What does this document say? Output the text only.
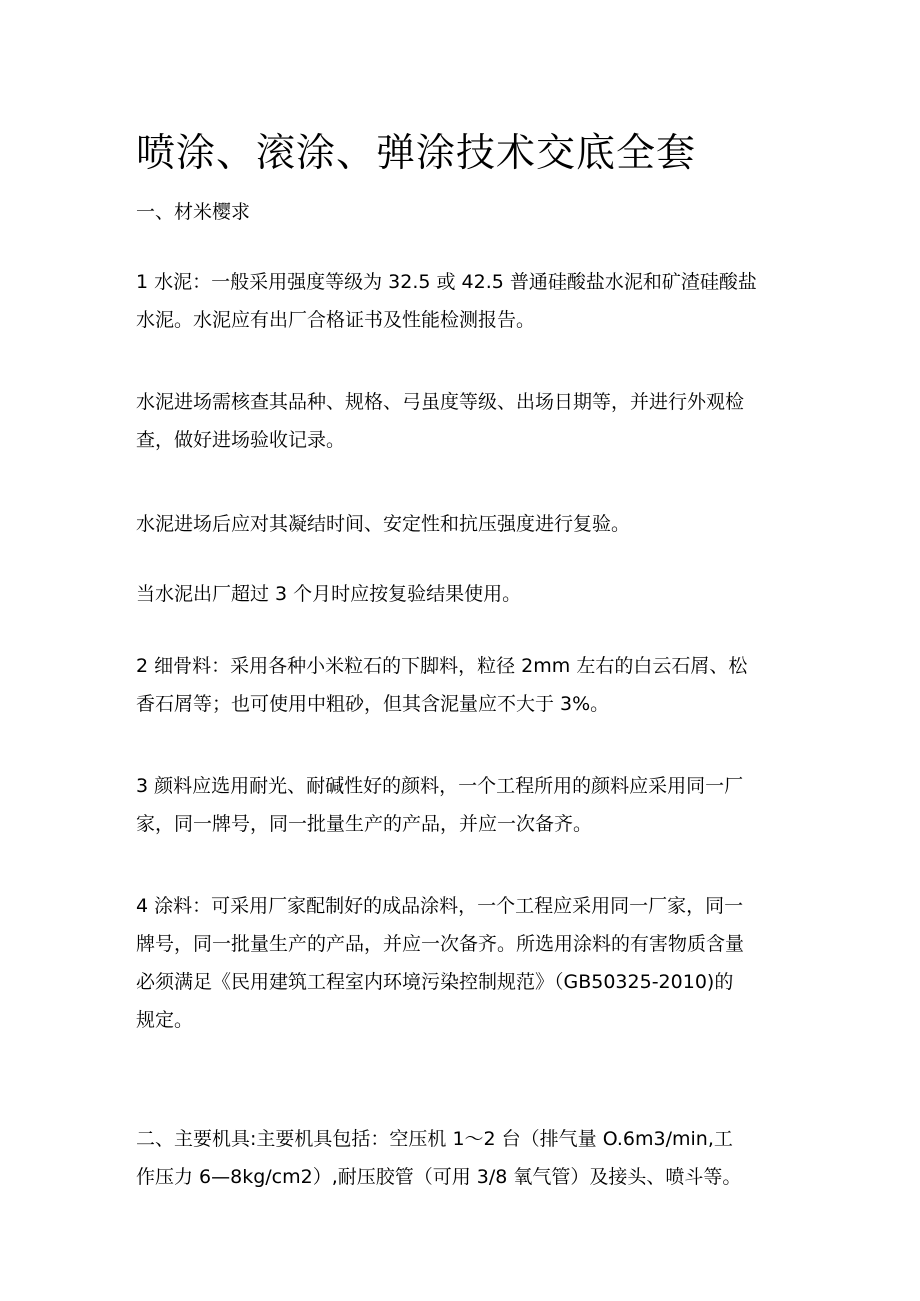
喷涂、滚涂、弹涂技术交底全套

一、材米樱求

1 水泥：一般采用强度等级为 32.5 或 42.5 普通硅酸盐水泥和矿渣硅酸盐
水泥。水泥应有出厂合格证书及性能检测报告。

水泥进场需核查其品种、规格、弓虽度等级、出场日期等，并进行外观检
查，做好进场验收记录。

水泥进场后应对其凝结时间、安定性和抗压强度进行复验。

当水泥出厂超过 3 个月时应按复验结果使用。

2 细骨料：采用各种小米粒石的下脚料，粒径 2mm 左右的白云石屑、松
香石屑等；也可使用中粗砂，但其含泥量应不大于 3%。

3 颜料应选用耐光、耐碱性好的颜料，一个工程所用的颜料应采用同一厂
家，同一牌号，同一批量生产的产品，并应一次备齐。

4 涂料：可采用厂家配制好的成品涂料，一个工程应采用同一厂家，同一
牌号，同一批量生产的产品，并应一次备齐。所选用涂料的有害物质含量
必须满足《民用建筑工程室内环境污染控制规范》（GB50325-2010)的
规定。

二、主要机具:主要机具包括：空压机 1～2 台（排气量 O.6m3/min,工
作压力 6—8kg/cm2）,耐压胶管（可用 3/8 氧气管）及接头、喷斗等。
